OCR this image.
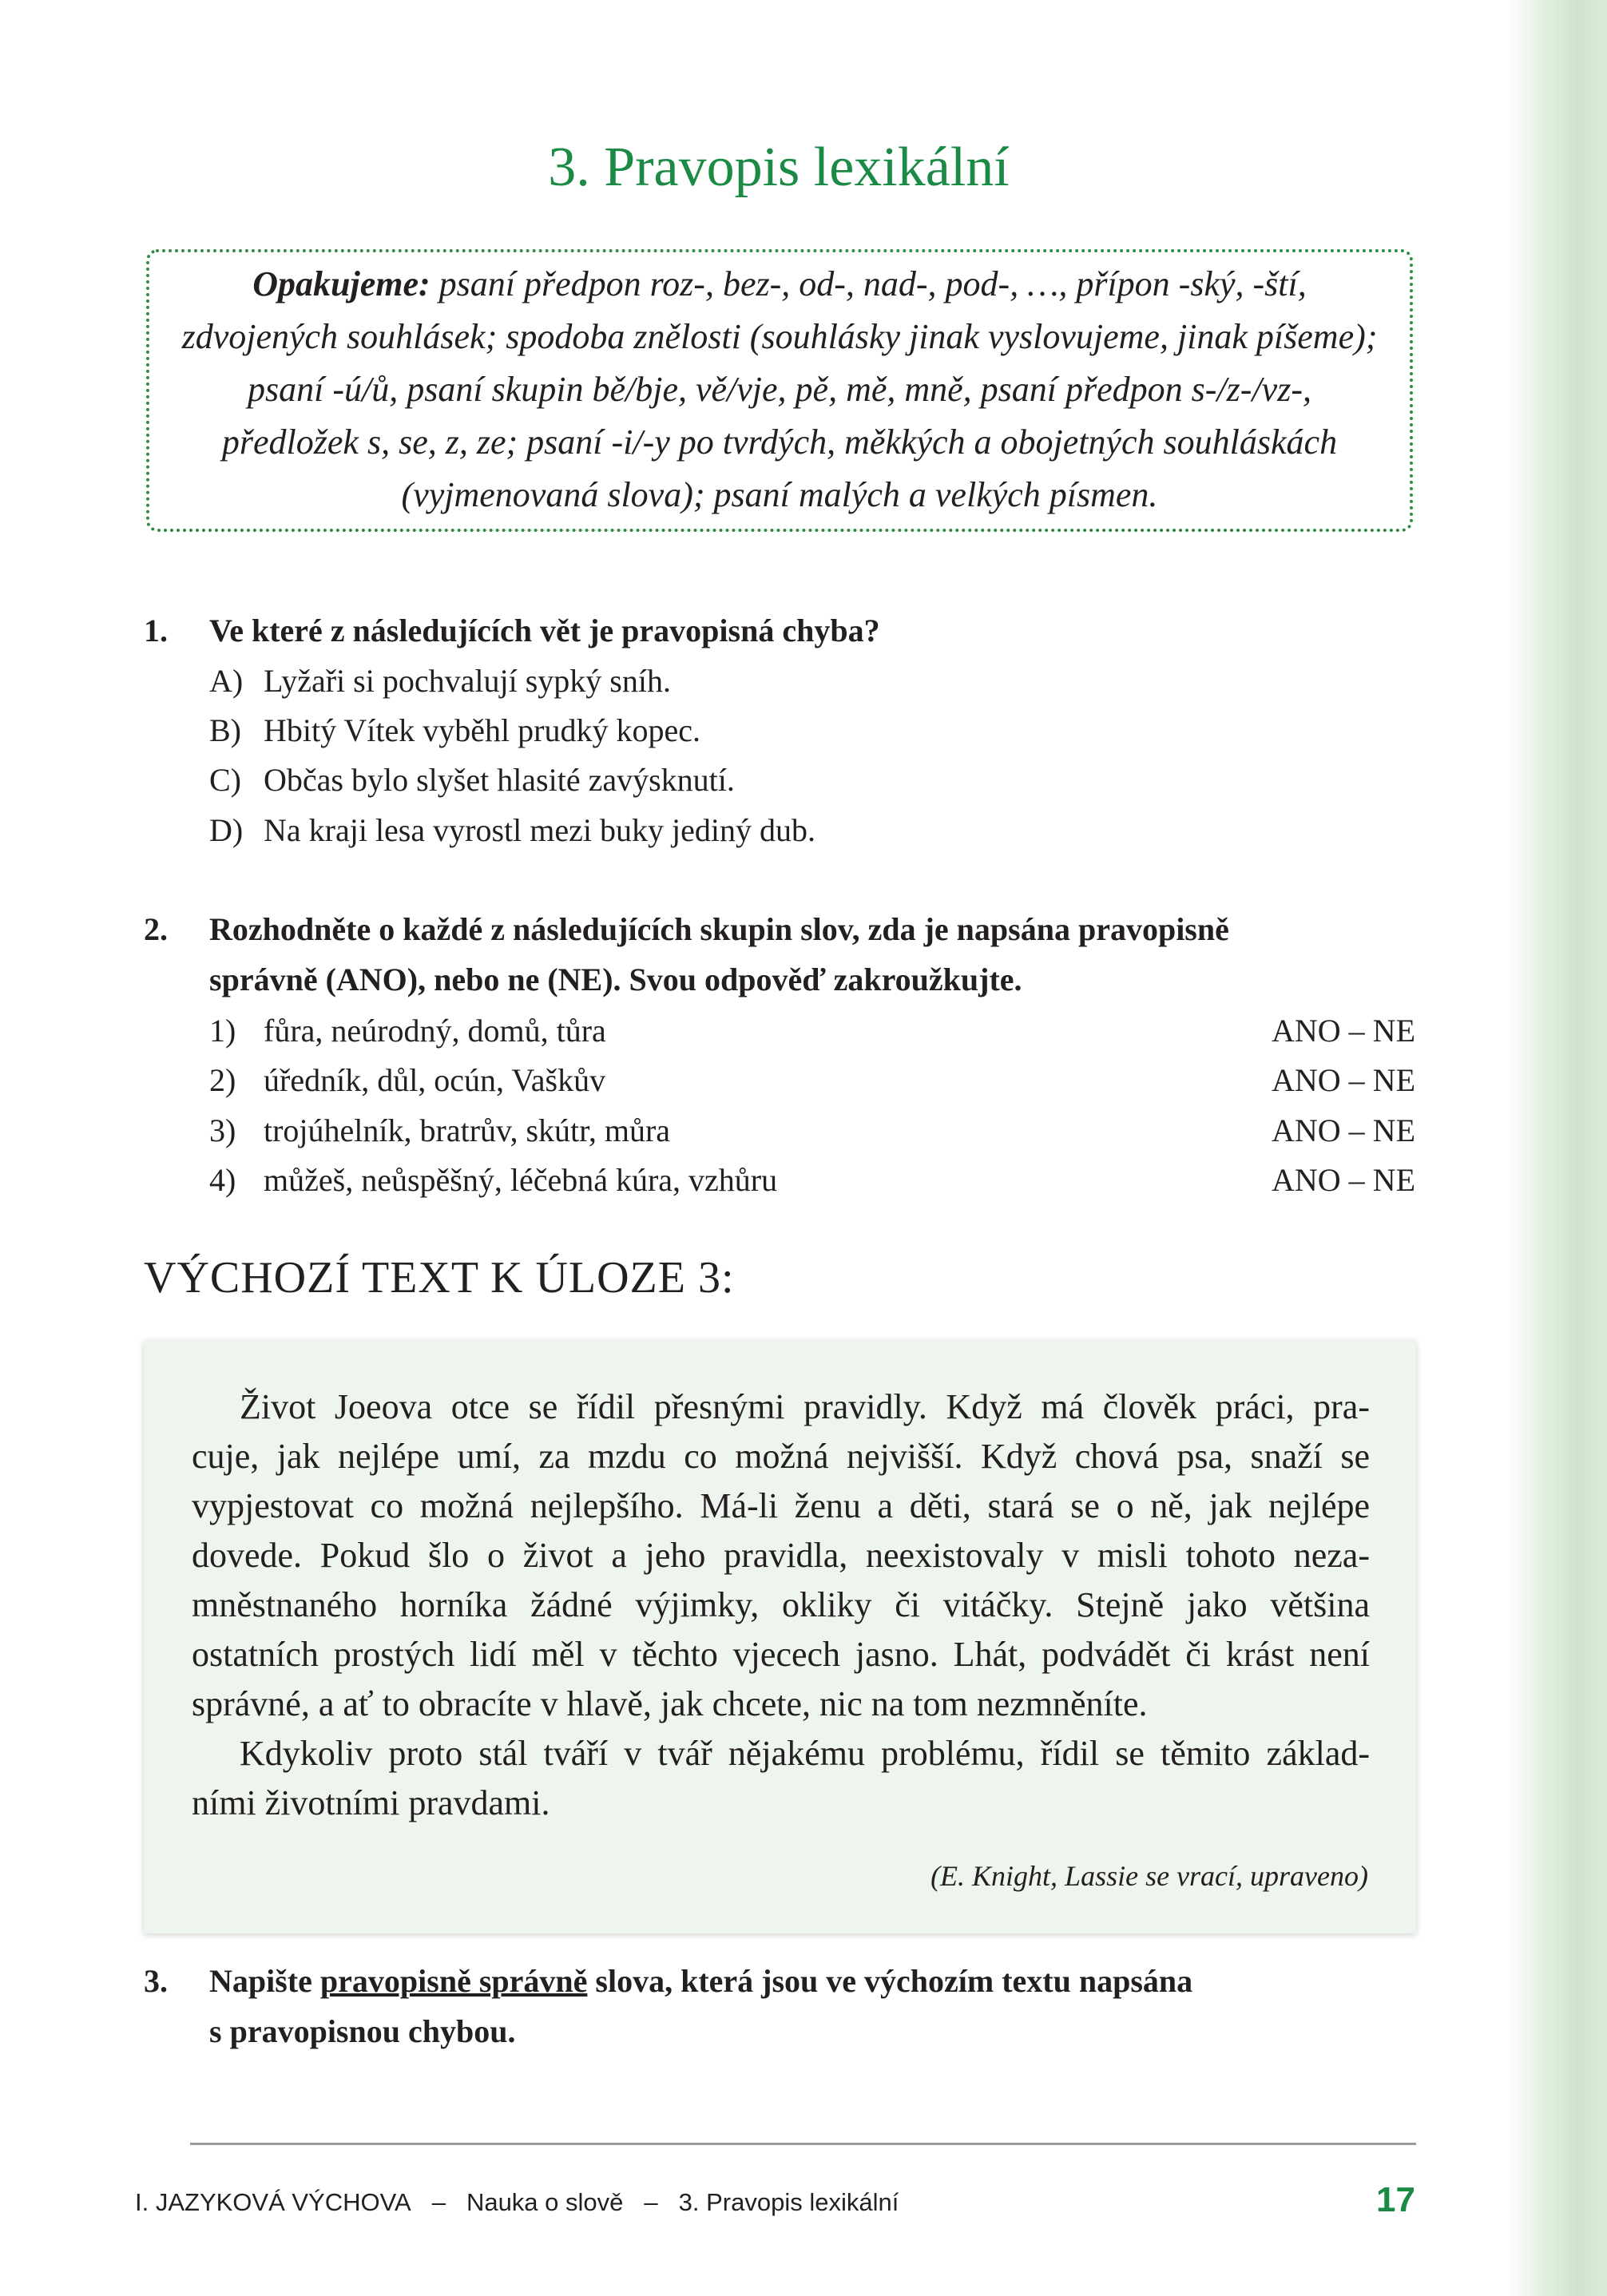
3. Pravopis lexikální
Opakujeme: psaní předpon roz-, bez-, od-, nad-, pod-, …, přípon -ský, -ští,
zdvojených souhlásek; spodoba znělosti (souhlásky jinak vyslovujeme, jinak píšeme);
psaní -ú/ů, psaní skupin bě/bje, vě/vje, pě, mě, mně, psaní předpon s-/z-/vz-,
předložek s, se, z, ze; psaní -i/-y po tvrdých, měkkých a obojetných souhláskách
(vyjmenovaná slova); psaní malých a velkých písmen.
1. Ve které z následujících vět je pravopisná chyba?
A) Lyžaři si pochvalují sypký sníh.
B) Hbitý Vítek vyběhl prudký kopec.
C) Občas bylo slyšet hlasité zavýsknutí.
D) Na kraji lesa vyrostl mezi buky jediný dub.
2. Rozhodněte o každé z následujících skupin slov, zda je napsána pravopisně
správně (ANO), nebo ne (NE). Svou odpověď zakroužkujte.
1) fůra, neúrodný, domů, tůra	ANO – NE
2) úředník, důl, ocún, Vaškův	ANO – NE
3) trojúhelník, bratrův, skútr, můra	ANO – NE
4) můžeš, neůspěšný, léčebná kúra, vzhůru	ANO – NE
VÝCHOZÍ TEXT K ÚLOZE 3:
Život Joeova otce se řídil přesnými pravidly. Když má člověk práci, pra-
cuje, jak nejlépe umí, za mzdu co možná nejvišší. Když chová psa, snaží se
vypjestovat co možná nejlepšího. Má-li ženu a děti, stará se o ně, jak nejlépe
dovede. Pokud šlo o život a jeho pravidla, neexistovaly v misli tohoto neza-
mněstnaného horníka žádné výjimky, okliky či vitáčky. Stejně jako většina
ostatních prostých lidí měl v těchto vjecech jasno. Lhát, podvádět či krást není
správné, a ať to obracíte v hlavě, jak chcete, nic na tom nezmněníte.
Kdykoliv proto stál tváří v tvář nějakému problému, řídil se těmito základ-
ními životními pravdami.
(E. Knight, Lassie se vrací, upraveno)
3. Napište pravopisně správně slova, která jsou ve výchozím textu napsána
s pravopisnou chybou.
I. JAZYKOVÁ VÝCHOVA – Nauka o slově – 3. Pravopis lexikální	17
